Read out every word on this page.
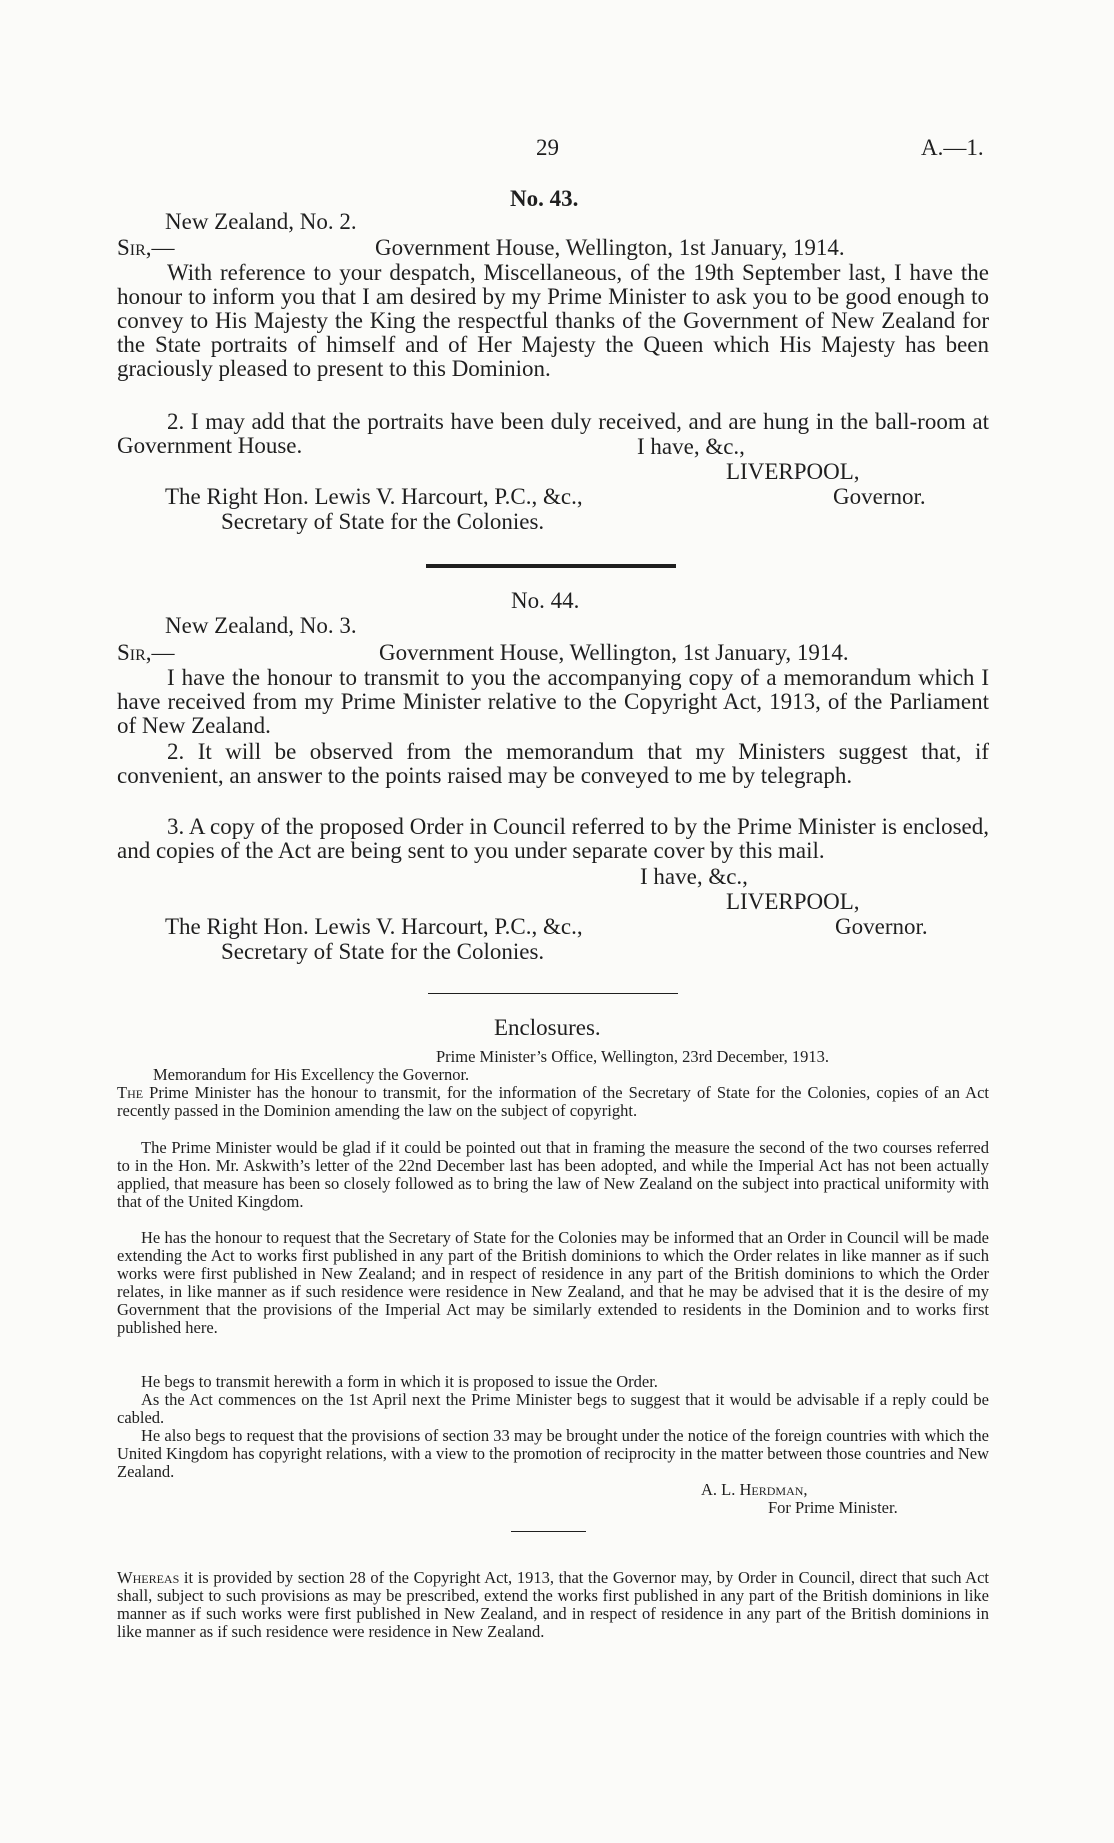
29	A.—1.
No. 43.
New Zealand, No. 2.
Sir,—	Government House, Wellington, 1st January, 1914.
With reference to your despatch, Miscellaneous, of the 19th September last, I have the honour to inform you that I am desired by my Prime Minister to ask you to be good enough to convey to His Majesty the King the respectful thanks of the Government of New Zealand for the State portraits of himself and of Her Majesty the Queen which His Majesty has been graciously pleased to present to this Dominion.
2. I may add that the portraits have been duly received, and are hung in the ball-room at Government House.	I have, &c.,
LIVERPOOL,
The Right Hon. Lewis V. Harcourt, P.C., &c.,	Governor.
Secretary of State for the Colonies.
No. 44.
New Zealand, No. 3.
Sir,—	Government House, Wellington, 1st January, 1914.
I have the honour to transmit to you the accompanying copy of a memorandum which I have received from my Prime Minister relative to the Copyright Act, 1913, of the Parliament of New Zealand.
2. It will be observed from the memorandum that my Ministers suggest that, if convenient, an answer to the points raised may be conveyed to me by telegraph.
3. A copy of the proposed Order in Council referred to by the Prime Minister is enclosed, and copies of the Act are being sent to you under separate cover by this mail.
I have, &c.,
LIVERPOOL,
The Right Hon. Lewis V. Harcourt, P.C., &c.,	Governor.
Secretary of State for the Colonies.
Enclosures.
Prime Minister’s Office, Wellington, 23rd December, 1913.
Memorandum for His Excellency the Governor.
The Prime Minister has the honour to transmit, for the information of the Secretary of State for the Colonies, copies of an Act recently passed in the Dominion amending the law on the subject of copyright.
The Prime Minister would be glad if it could be pointed out that in framing the measure the second of the two courses referred to in the Hon. Mr. Askwith’s letter of the 22nd December last has been adopted, and while the Imperial Act has not been actually applied, that measure has been so closely followed as to bring the law of New Zealand on the subject into practical uniformity with that of the United Kingdom.
He has the honour to request that the Secretary of State for the Colonies may be informed that an Order in Council will be made extending the Act to works first published in any part of the British dominions to which the Order relates in like manner as if such works were first published in New Zealand; and in respect of residence in any part of the British dominions to which the Order relates, in like manner as if such residence were residence in New Zealand, and that he may be advised that it is the desire of my Government that the provisions of the Imperial Act may be similarly extended to residents in the Dominion and to works first published here.
He begs to transmit herewith a form in which it is proposed to issue the Order.
As the Act commences on the 1st April next the Prime Minister begs to suggest that it would be advisable if a reply could be cabled.
He also begs to request that the provisions of section 33 may be brought under the notice of the foreign countries with which the United Kingdom has copyright relations, with a view to the promotion of reciprocity in the matter between those countries and New Zealand.
A. L. Herdman,
For Prime Minister.
Whereas it is provided by section 28 of the Copyright Act, 1913, that the Governor may, by Order in Council, direct that such Act shall, subject to such provisions as may be prescribed, extend the works first published in any part of the British dominions in like manner as if such works were first published in New Zealand, and in respect of residence in any part of the British dominions in like manner as if such residence were residence in New Zealand.
